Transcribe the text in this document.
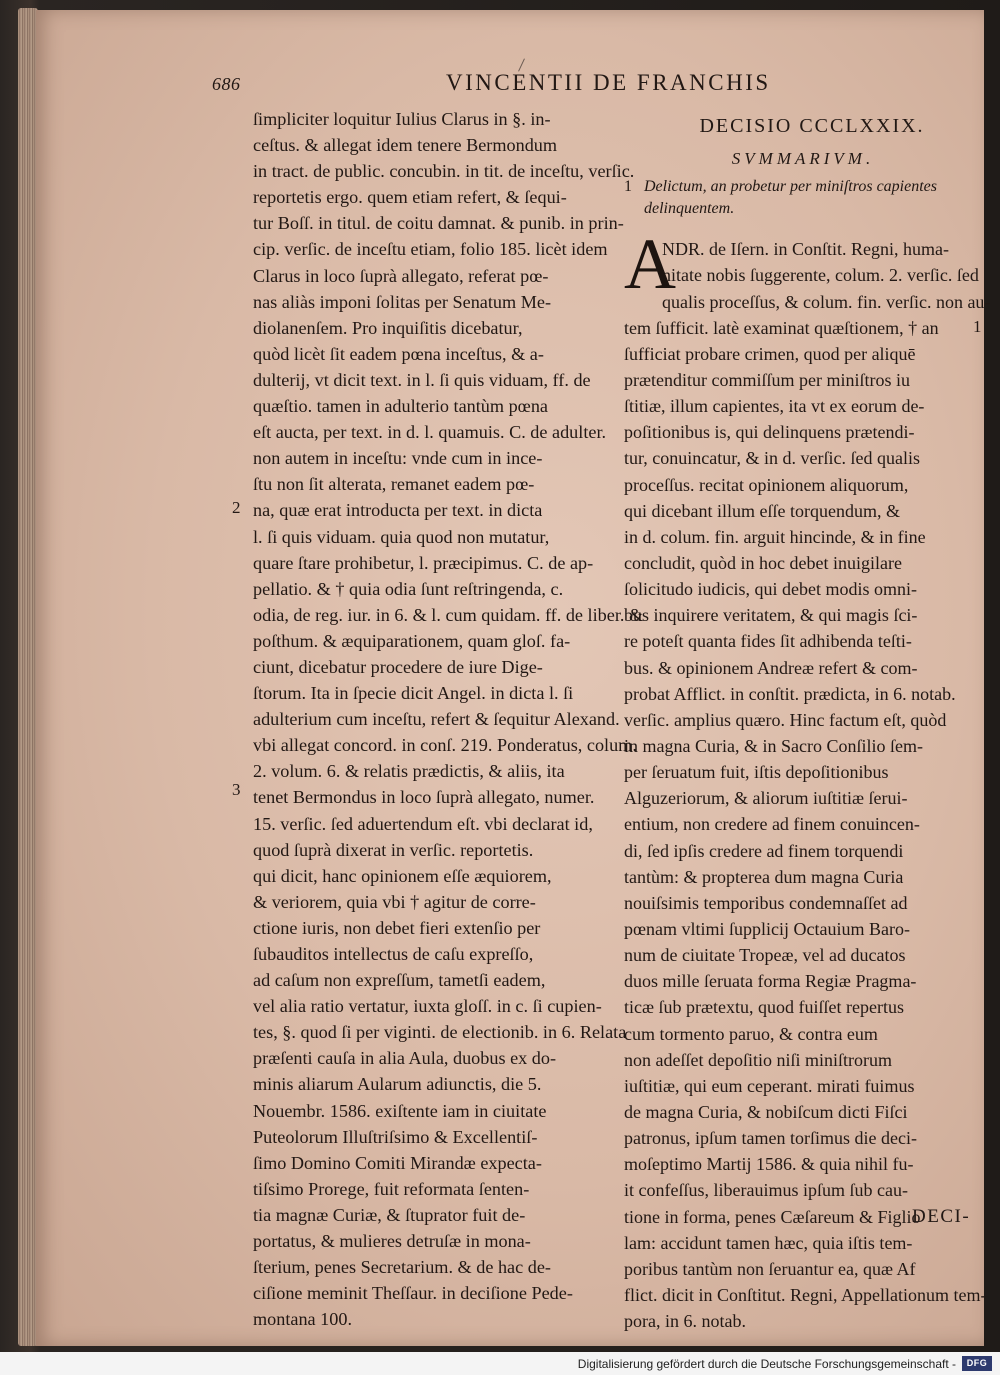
686	VINCENTII DE FRANCHIS
ſimpliciter loquitur Iulius Clarus in §. in-
ceſtus. & allegat idem tenere Bermondum
in tract. de public. concubin. in tit. de inceſtu, verſic.
reportetis ergo. quem etiam refert, & ſequi-
tur Boſſ. in titul. de coitu damnat. & punib. in prin-
cip. verſic. de inceſtu etiam, folio 185. licèt idem
Clarus in loco ſuprà allegato, referat pœ-
nas aliàs imponi ſolitas per Senatum Me-
diolanenſem. Pro inquiſitis dicebatur,
quòd licèt ſit eadem pœna inceſtus, & a-
dulterij, vt dicit text. in l. ſi quis viduam, ff. de
quæſtio. tamen in adulterio tantùm pœna
eſt aucta, per text. in d. l. quamuis. C. de adulter.
non autem in inceſtu: vnde cum in ince-
ſtu non ſit alterata, remanet eadem pœ-
na, quæ erat introducta per text. in dicta
l. ſi quis viduam. quia quod non mutatur,
quare ſtare prohibetur, l. præcipimus. C. de ap-
pellatio. & † quia odia ſunt reſtringenda, c.
odia, de reg. iur. in 6. & l. cum quidam. ff. de liber. &
poſthum. & æquiparationem, quam gloſ. fa-
ciunt, dicebatur procedere de iure Dige-
ſtorum. Ita in ſpecie dicit Angel. in dicta l. ſi
adulterium cum inceſtu, refert & ſequitur Alexand.
vbi allegat concord. in conſ. 219. Ponderatus, colum.
2. volum. 6. & relatis prædictis, & aliis, ita
tenet Bermondus in loco ſuprà allegato, numer.
15. verſic. ſed aduertendum eſt. vbi declarat id,
quod ſuprà dixerat in verſic. reportetis.
qui dicit, hanc opinionem eſſe æquiorem,
& veriorem, quia vbi † agitur de corre-
ctione iuris, non debet fieri extenſio per
ſubauditos intellectus de caſu expreſſo,
ad caſum non expreſſum, tametſi eadem,
vel alia ratio vertatur, iuxta gloſſ. in c. ſi cupien-
tes, §. quod ſi per viginti. de electionib. in 6. Relata
præſenti cauſa in alia Aula, duobus ex do-
minis aliarum Aularum adiunctis, die 5.
Nouembr. 1586. exiſtente iam in ciuitate
Puteolorum Illuſtriſsimo & Excellentiſ-
ſimo Domino Comiti Mirandæ expecta-
tiſsimo Prorege, fuit reformata ſenten-
tia magnæ Curiæ, & ſtuprator fuit de-
portatus, & mulieres detruſæ in mona-
ſterium, penes Secretarium. & de hac de-
ciſione meminit Theſſaur. in deciſione Pede-
montana 100.
2
3
DECISIO CCCLXXIX.
SVMMARIVM.
1 Delictum, an probetur per miniſtros capientes
delinquentem.
A
NDR. de Iſern. in Conſtit. Regni, huma-
nitate nobis ſuggerente, colum. 2. verſic. ſed
qualis proceſſus, & colum. fin. verſic. non au-
tem ſufficit. latè examinat quæſtionem, † an
ſufficiat probare crimen, quod per aliquē
prætenditur commiſſum per miniſtros iu
ſtitiæ, illum capientes, ita vt ex eorum de-
poſitionibus is, qui delinquens prætendi-
tur, conuincatur, & in d. verſic. ſed qualis
proceſſus. recitat opinionem aliquorum,
qui dicebant illum eſſe torquendum, &
in d. colum. fin. arguit hincinde, & in fine
concludit, quòd in hoc debet inuigilare
ſolicitudo iudicis, qui debet modis omni-
bus inquirere veritatem, & qui magis ſci-
re poteſt quanta fides ſit adhibenda teſti-
bus. & opinionem Andreæ refert & com-
probat Afflict. in conſtit. prædicta, in 6. notab.
verſic. amplius quæro. Hinc factum eſt, quòd
in magna Curia, & in Sacro Conſilio ſem-
per ſeruatum fuit, iſtis depoſitionibus
Alguzeriorum, & aliorum iuſtitiæ ſerui-
entium, non credere ad finem conuincen-
di, ſed ipſis credere ad finem torquendi
tantùm: & propterea dum magna Curia
nouiſsimis temporibus condemnaſſet ad
pœnam vltimi ſupplicij Octauium Baro-
num de ciuitate Tropeæ, vel ad ducatos
duos mille ſeruata forma Regiæ Pragma-
ticæ ſub prætextu, quod fuiſſet repertus
cum tormento paruo, & contra eum
non adeſſet depoſitio niſi miniſtrorum
iuſtitiæ, qui eum ceperant. mirati fuimus
de magna Curia, & nobiſcum dicti Fiſci
patronus, ipſum tamen torſimus die deci-
moſeptimo Martij 1586. & quia nihil fu-
it confeſſus, liberauimus ipſum ſub cau-
tione in forma, penes Cæſareum & Figlio
lam: accidunt tamen hæc, quia iſtis tem-
poribus tantùm non ſeruantur ea, quæ Af
flict. dicit in Conſtitut. Regni, Appellationum tem-
pora, in 6. notab.
1
DECI-
Digitalisierung gefördert durch die Deutsche Forschungsgemeinschaft -	DFG
